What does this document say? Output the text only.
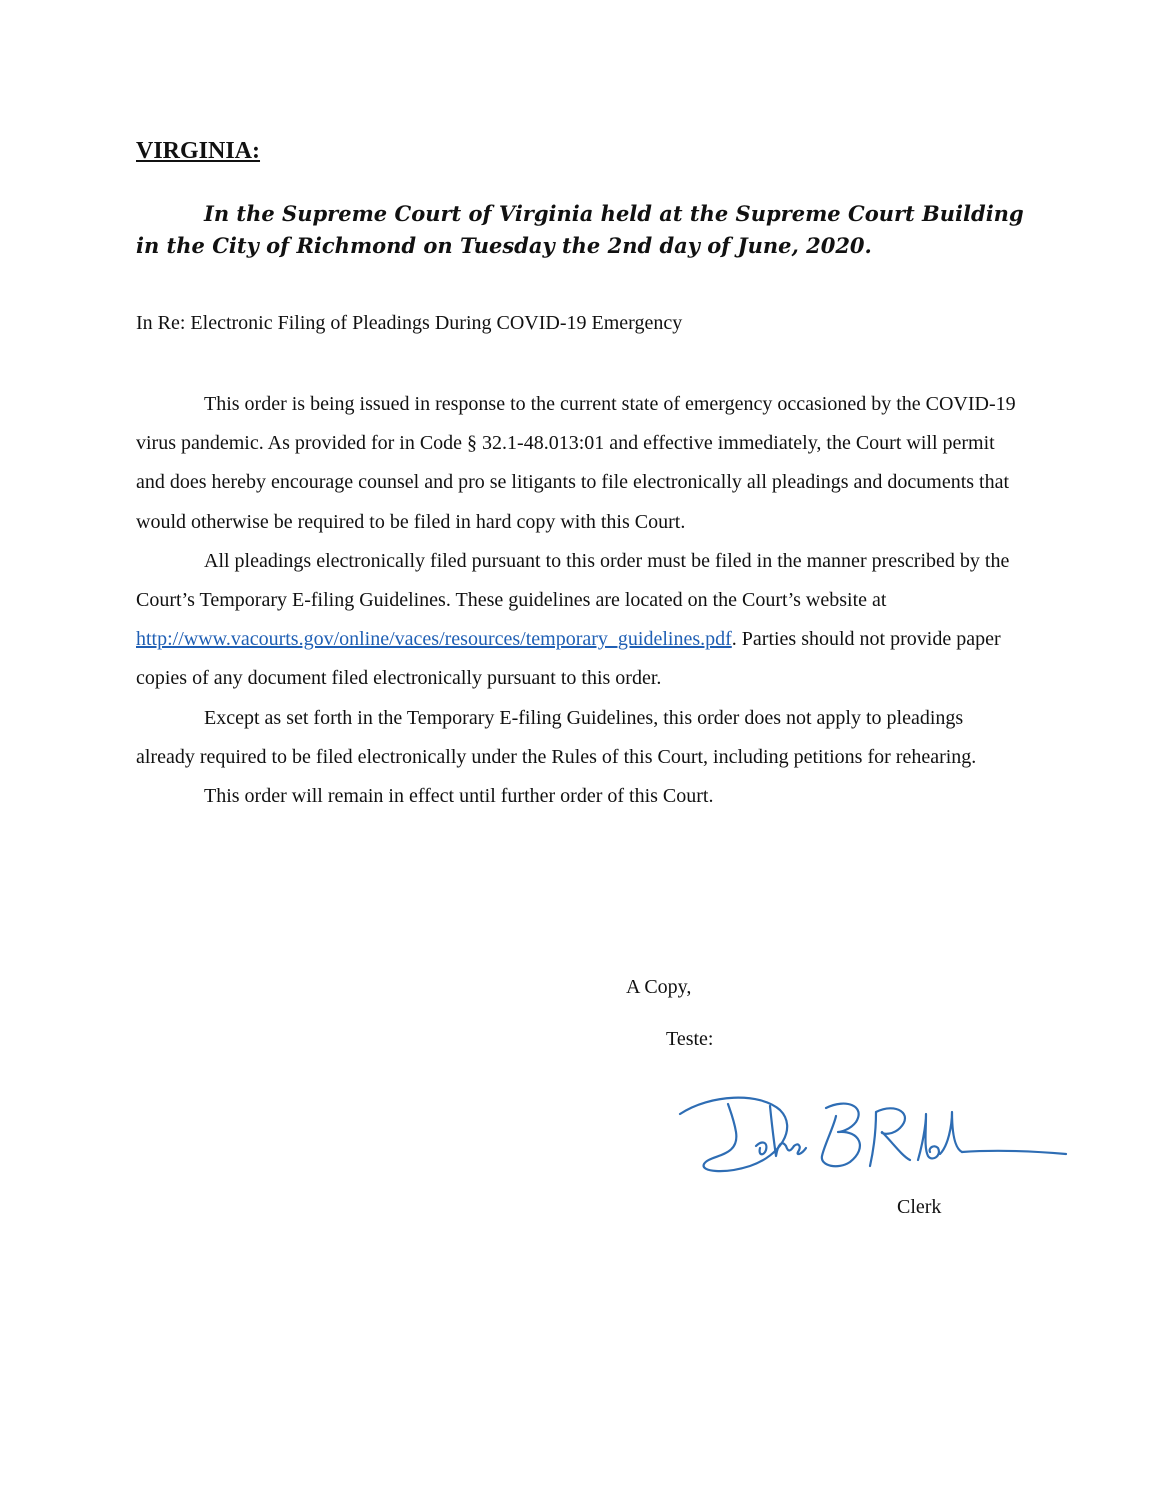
VIRGINIA:

In the Supreme Court of Virginia held at the Supreme Court Building in the City of Richmond on Tuesday the 2nd day of June, 2020.

In Re: Electronic Filing of Pleadings During COVID-19 Emergency

This order is being issued in response to the current state of emergency occasioned by the COVID-19 virus pandemic. As provided for in Code § 32.1-48.013:01 and effective immediately, the Court will permit and does hereby encourage counsel and pro se litigants to file electronically all pleadings and documents that would otherwise be required to be filed in hard copy with this Court.

All pleadings electronically filed pursuant to this order must be filed in the manner prescribed by the Court’s Temporary E-filing Guidelines. These guidelines are located on the Court’s website at http://www.vacourts.gov/online/vaces/resources/temporary_guidelines.pdf. Parties should not provide paper copies of any document filed electronically pursuant to this order.

Except as set forth in the Temporary E-filing Guidelines, this order does not apply to pleadings already required to be filed electronically under the Rules of this Court, including petitions for rehearing.

This order will remain in effect until further order of this Court.

A Copy,

Teste:

Clerk
